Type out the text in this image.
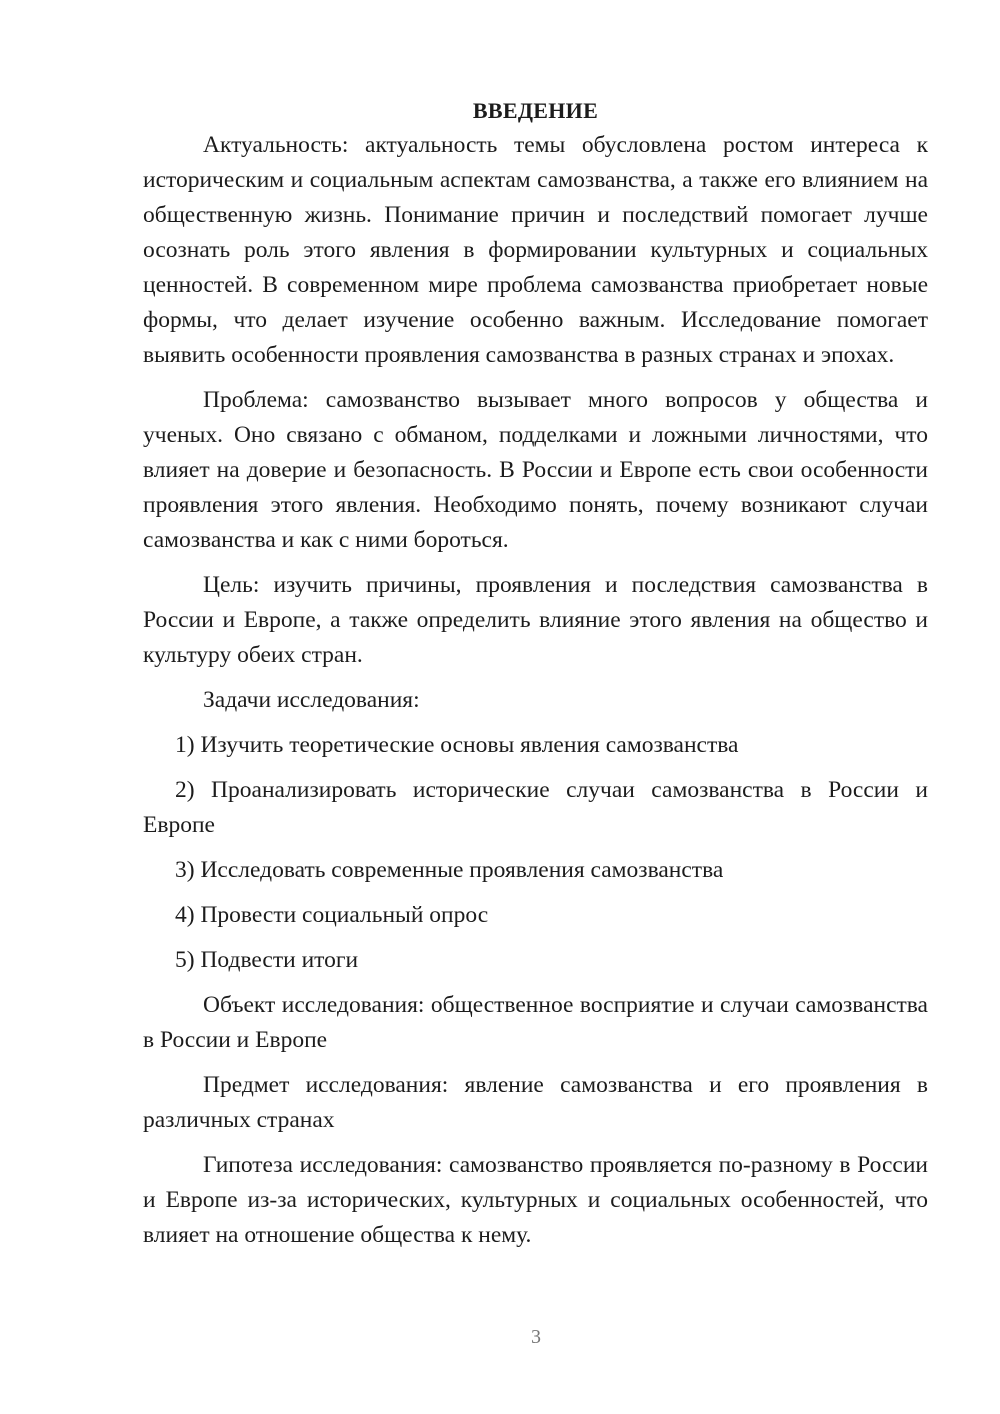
ВВЕДЕНИЕ

Актуальность: актуальность темы обусловлена ростом интереса к историческим и социальным аспектам самозванства, а также его влиянием на общественную жизнь. Понимание причин и последствий помогает лучше осознать роль этого явления в формировании культурных и социальных ценностей. В современном мире проблема самозванства приобретает новые формы, что делает изучение особенно важным. Исследование помогает выявить особенности проявления самозванства в разных странах и эпохах.

Проблема: самозванство вызывает много вопросов у общества и ученых. Оно связано с обманом, подделками и ложными личностями, что влияет на доверие и безопасность. В России и Европе есть свои особенности проявления этого явления. Необходимо понять, почему возникают случаи самозванства и как с ними бороться.

Цель: изучить причины, проявления и последствия самозванства в России и Европе, а также определить влияние этого явления на общество и культуру обеих стран.

Задачи исследования:

1) Изучить теоретические основы явления самозванства

2) Проанализировать исторические случаи самозванства в России и Европе

3) Исследовать современные проявления самозванства

4) Провести социальный опрос

5) Подвести итоги

Объект исследования: общественное восприятие и случаи самозванства в России и Европе

Предмет исследования: явление самозванства и его проявления в различных странах

Гипотеза исследования: самозванство проявляется по-разному в России и Европе из-за исторических, культурных и социальных особенностей, что влияет на отношение общества к нему.

3
